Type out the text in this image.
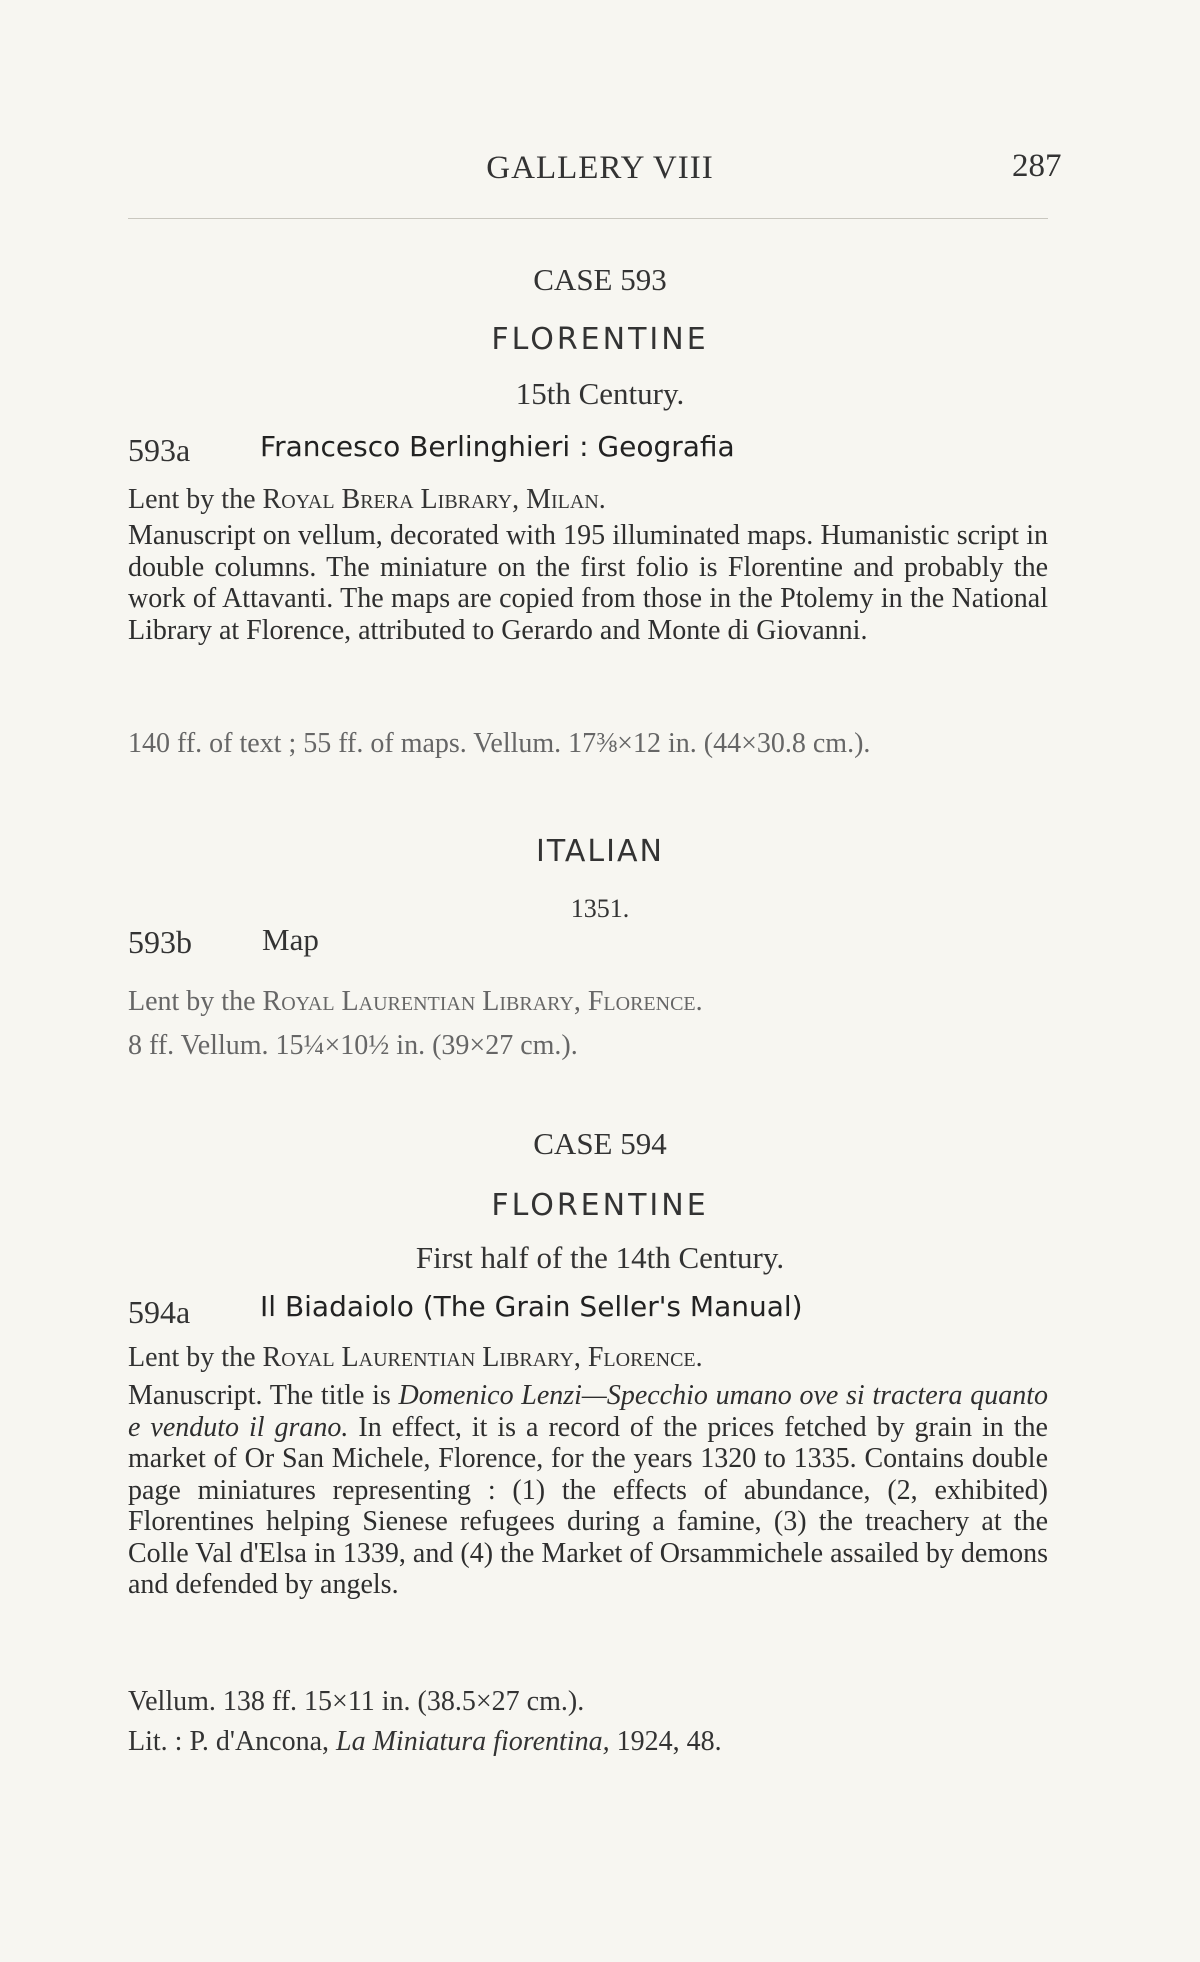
GALLERY VIII	287
CASE 593
FLORENTINE
15th Century.
593a Francesco Berlinghieri : Geografia
Lent by the Royal Brera Library, Milan.
Manuscript on vellum, decorated with 195 illuminated maps. Humanistic script in double columns. The miniature on the first folio is Florentine and probably the work of Attavanti. The maps are copied from those in the Ptolemy in the National Library at Florence, attributed to Gerardo and Monte di Giovanni.
140 ff. of text ; 55 ff. of maps. Vellum. 17⅜×12 in. (44×30.8 cm.).
ITALIAN
1351.
593b Map
Lent by the Royal Laurentian Library, Florence.
8 ff. Vellum. 15¼×10½ in. (39×27 cm.).
CASE 594
FLORENTINE
First half of the 14th Century.
594a Il Biadaiolo (The Grain Seller's Manual)
Lent by the Royal Laurentian Library, Florence.
Manuscript. The title is Domenico Lenzi—Specchio umano ove si tractera quanto e venduto il grano. In effect, it is a record of the prices fetched by grain in the market of Or San Michele, Florence, for the years 1320 to 1335. Contains double page miniatures representing : (1) the effects of abundance, (2, exhibited) Florentines helping Sienese refugees during a famine, (3) the treachery at the Colle Val d'Elsa in 1339, and (4) the Market of Orsammichele assailed by demons and defended by angels.
Vellum. 138 ff. 15×11 in. (38.5×27 cm.).
Lit. : P. d'Ancona, La Miniatura fiorentina, 1924, 48.
